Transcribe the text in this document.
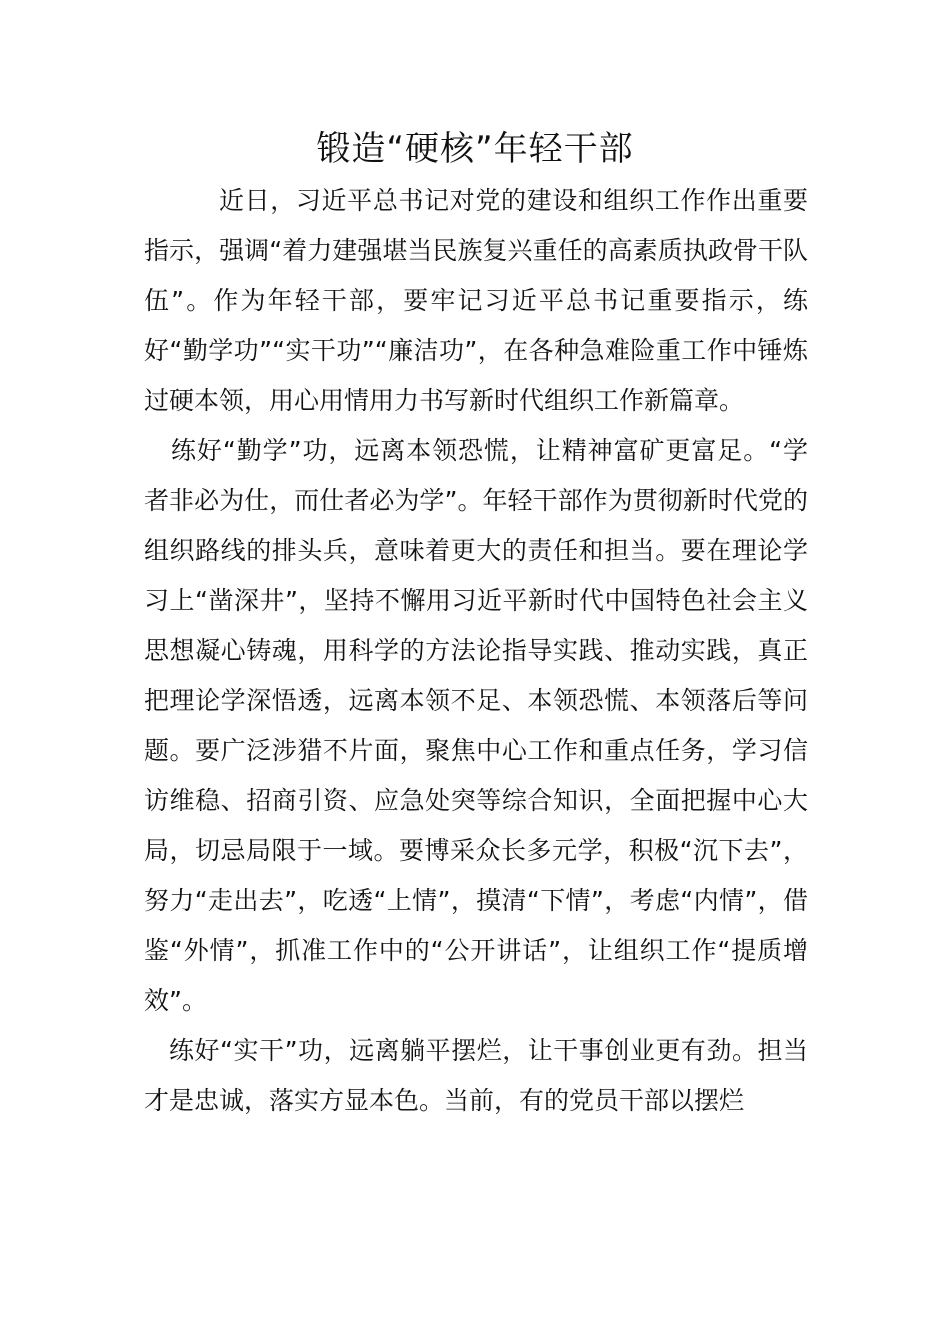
锻造“硬核”年轻干部

近日，习近平总书记对党的建设和组织工作作出重要指示，强调“着力建强堪当民族复兴重任的高素质执政骨干队伍”。作为年轻干部，要牢记习近平总书记重要指示，练好“勤学功”“实干功”“廉洁功”，在各种急难险重工作中锤炼过硬本领，用心用情用力书写新时代组织工作新篇章。

练好“勤学”功，远离本领恐慌，让精神富矿更富足。“学者非必为仕，而仕者必为学”。年轻干部作为贯彻新时代党的组织路线的排头兵，意味着更大的责任和担当。要在理论学习上“凿深井”，坚持不懈用习近平新时代中国特色社会主义思想凝心铸魂，用科学的方法论指导实践、推动实践，真正把理论学深悟透，远离本领不足、本领恐慌、本领落后等问题。要广泛涉猎不片面，聚焦中心工作和重点任务，学习信访维稳、招商引资、应急处突等综合知识，全面把握中心大局，切忌局限于一域。要博采众长多元学，积极“沉下去”，努力“走出去”，吃透“上情”，摸清“下情”，考虑“内情”，借鉴“外情”，抓准工作中的“公开讲话”，让组织工作“提质增效”。

练好“实干”功，远离躺平摆烂，让干事创业更有劲。担当才是忠诚，落实方显本色。当前，有的党员干部以摆烂
